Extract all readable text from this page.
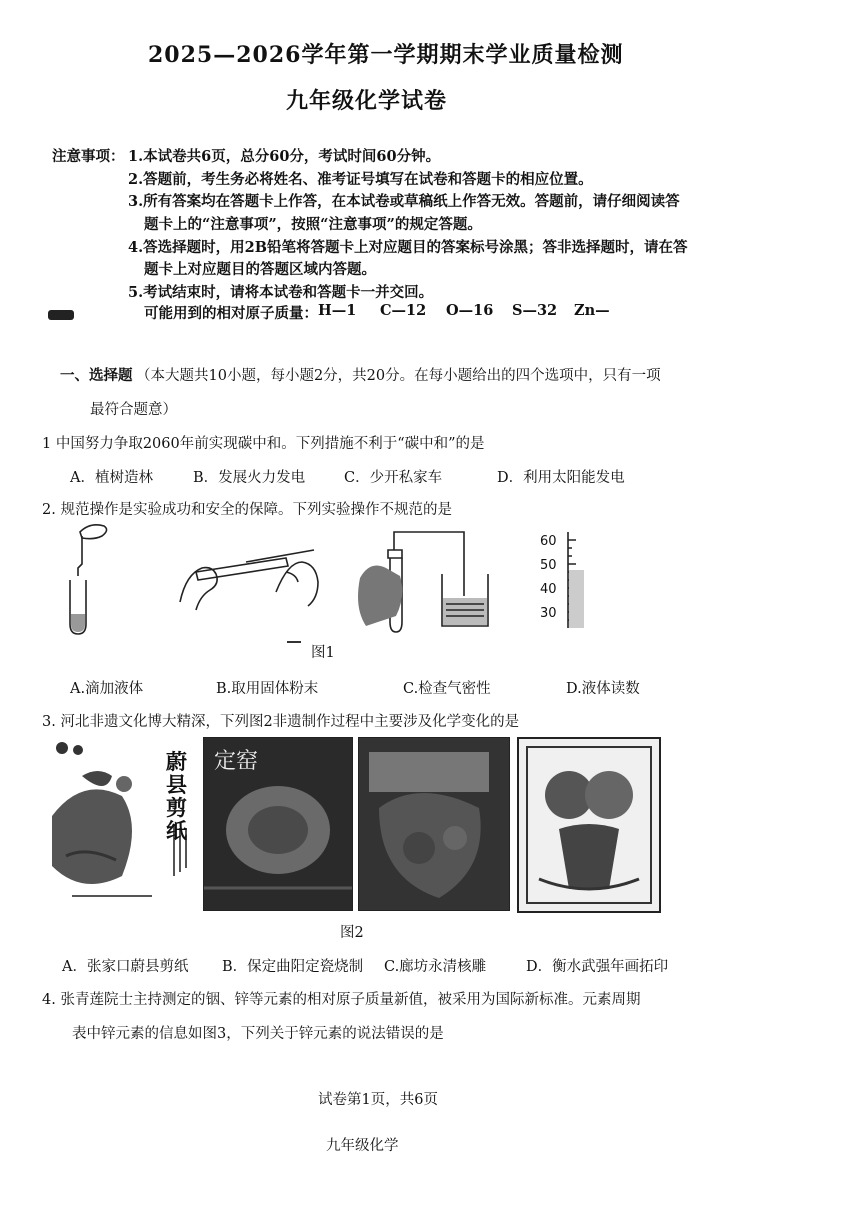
2025—2026学年第一学期期末学业质量检测
九年级化学试卷
注意事项： 1.本试卷共6页，总分60分，考试时间60分钟。
2.答题前，考生务必将姓名、准考证号填写在试卷和答题卡的相应位置。
3.所有答案均在答题卡上作答，在本试卷或草稿纸上作答无效。答题前，请仔细阅读答
题卡上的“注意事项”，按照“注意事项”的规定答题。
4.答选择题时，用2B铅笔将答题卡上对应题目的答案标号涂黑；答非选择题时，请在答
题卡上对应题目的答题区域内答题。
5.考试结束时，请将本试卷和答题卡一并交回。
可能用到的相对原子质量： H—1 C—12 O—16 S—32 Zn—
一、选择题 （本大题共10小题，每小题2分，共20分。在每小题给出的四个选项中，只有一项
最符合题意）
1 中国努力争取2060年前实现碳中和。下列措施不利于“碳中和”的是
A．植树造林	B．发展火力发电	C．少开私家车	D．利用太阳能发电
2. 规范操作是实验成功和安全的保障。下列实验操作不规范的是
60
50
40
30
图1
A.滴加液体	B.取用固体粉末	C.检查气密性	D.液体读数
3. 河北非遗文化博大精深，下列图2非遗制作过程中主要涉及化学变化的是
蔚县剪纸
定窑
图2
A．张家口蔚县剪纸 B．保定曲阳定瓷烧制 C.廊坊永清核雕	D．衡水武强年画拓印
4. 张青莲院士主持测定的铟、锌等元素的相对原子质量新值，被采用为国际新标准。元素周期
表中锌元素的信息如图3，下列关于锌元素的说法错误的是
试卷第1页，共6页
九年级化学
